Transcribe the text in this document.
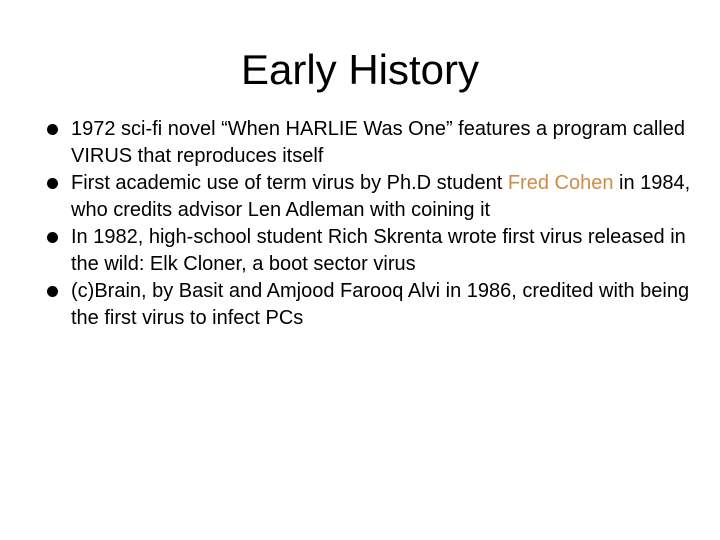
Early History
1972 sci-fi novel “When HARLIE Was One” features a program called VIRUS that reproduces itself
First academic use of term virus by Ph.D student Fred Cohen in 1984, who credits advisor Len Adleman with coining it
In 1982, high-school student Rich Skrenta wrote first virus released in the wild: Elk Cloner, a boot sector virus
(c)Brain, by Basit and Amjood Farooq Alvi in 1986, credited with being the first virus to infect PCs
